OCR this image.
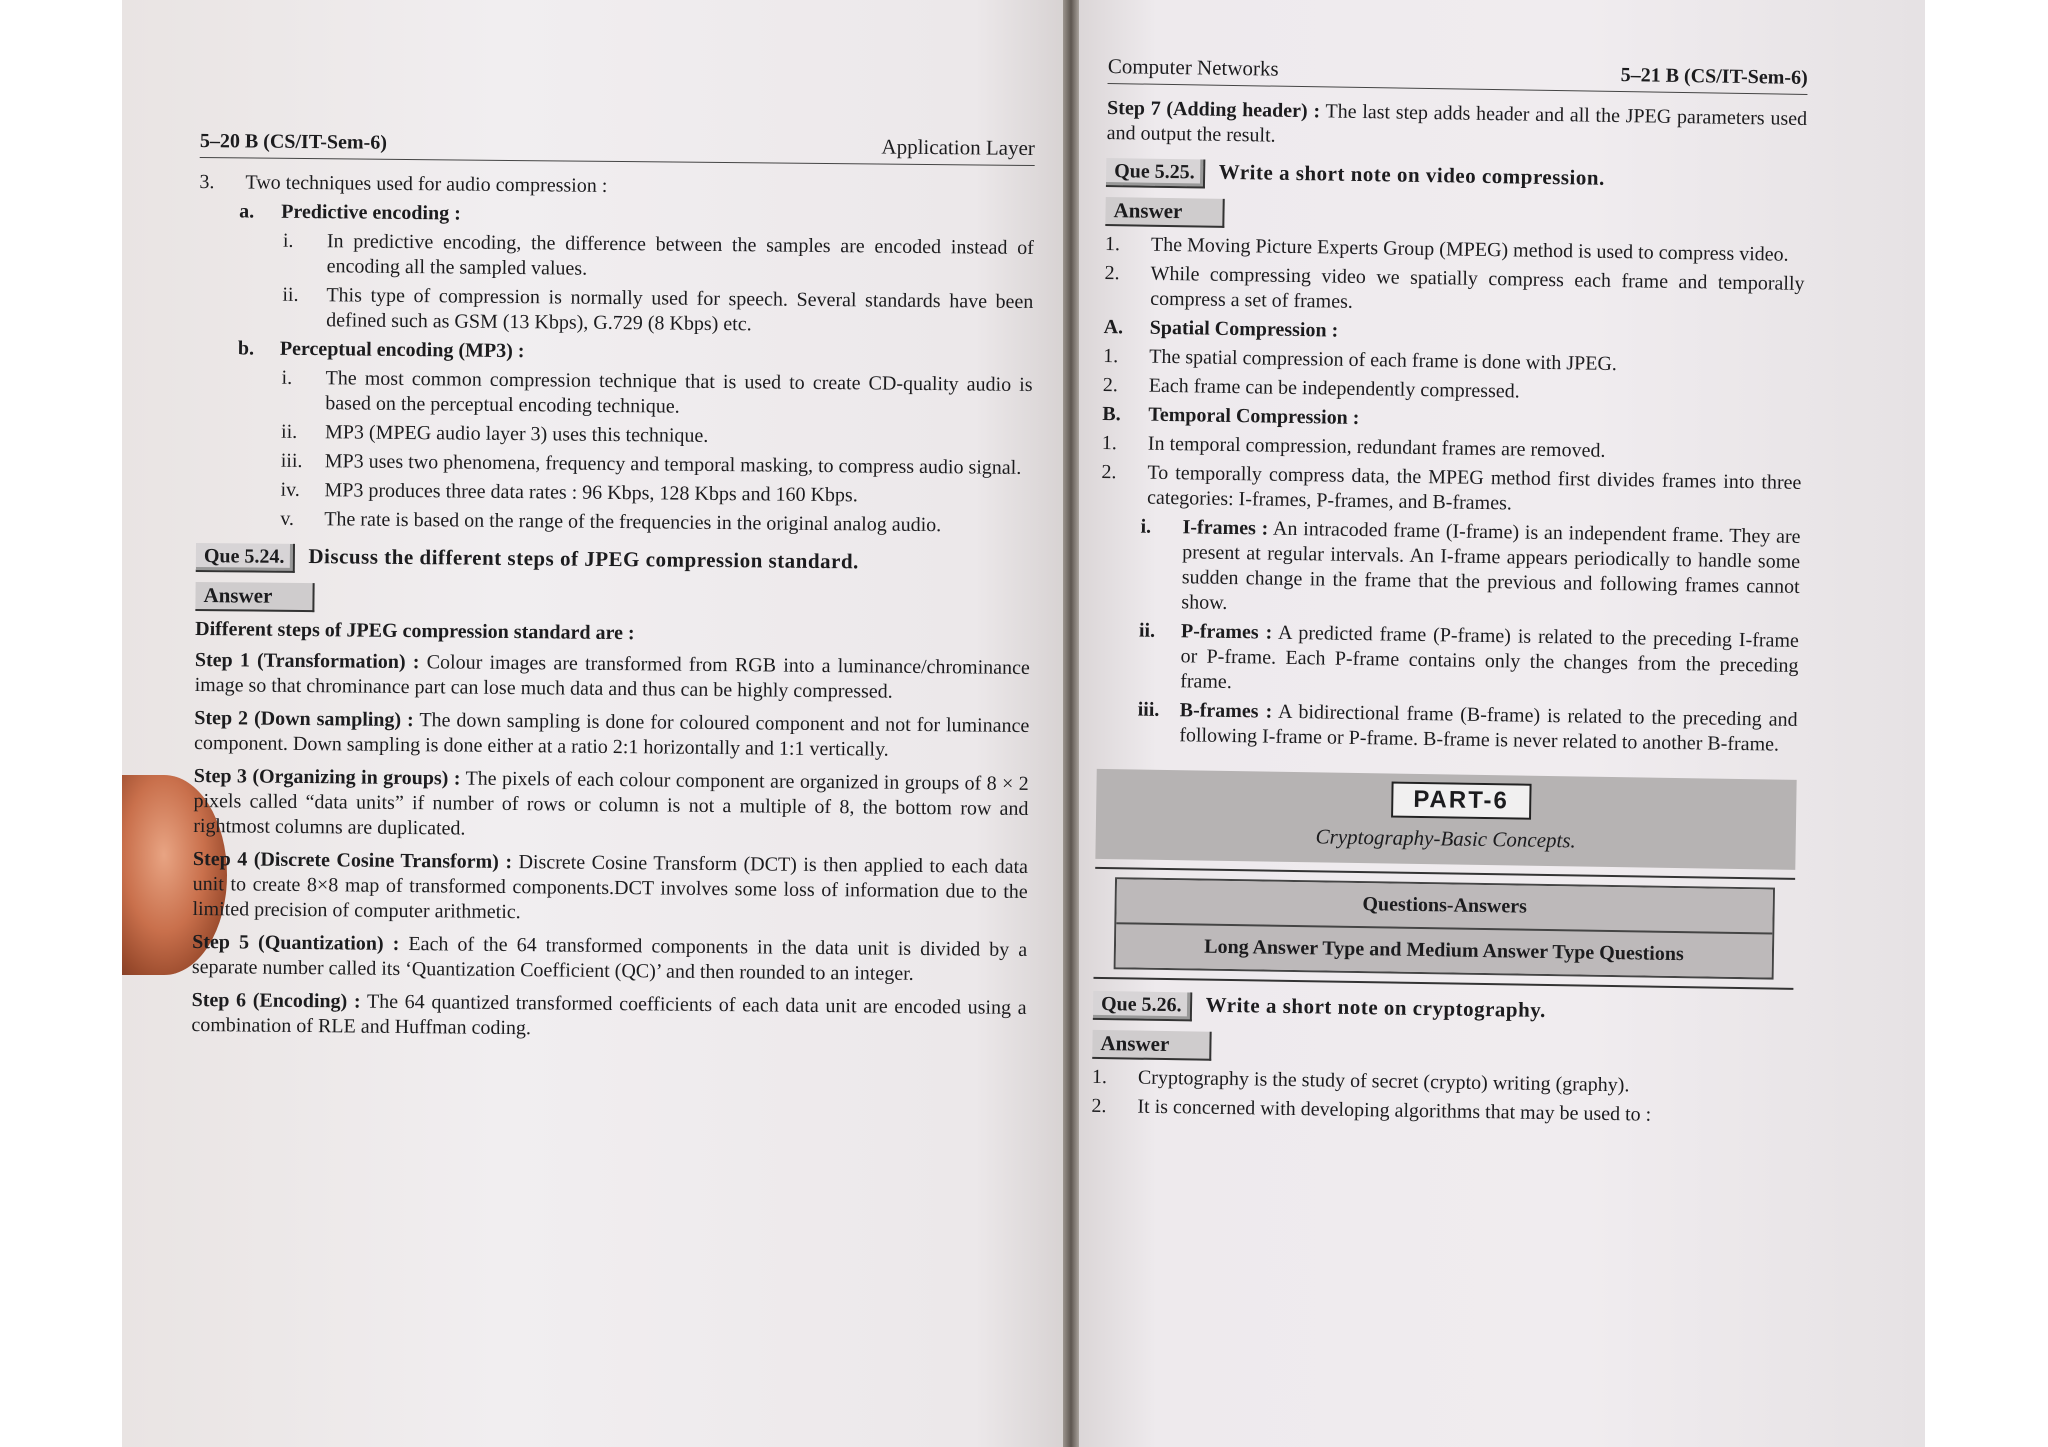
5–20 B (CS/IT-Sem-6)	Application Layer
3.	Two techniques used for audio compression :
a.	Predictive encoding :
i.	In predictive encoding, the difference between the samples are encoded instead of encoding all the sampled values.
ii.	This type of compression is normally used for speech. Several standards have been defined such as GSM (13 Kbps), G.729 (8 Kbps) etc.
b.	Perceptual encoding (MP3) :
i.	The most common compression technique that is used to create CD-quality audio is based on the perceptual encoding technique.
ii.	MP3 (MPEG audio layer 3) uses this technique.
iii.	MP3 uses two phenomena, frequency and temporal masking, to compress audio signal.
iv.	MP3 produces three data rates : 96 Kbps, 128 Kbps and 160 Kbps.
v.	The rate is based on the range of the frequencies in the original analog audio.
Que 5.24.	Discuss the different steps of JPEG compression standard.
Answer

Different steps of JPEG compression standard are :

Step 1 (Transformation) : Colour images are transformed from RGB into a luminance/chrominance image so that chrominance part can lose much data and thus can be highly compressed.

Step 2 (Down sampling) : The down sampling is done for coloured component and not for luminance component. Down sampling is done either at a ratio 2:1 horizontally and 1:1 vertically.

Step 3 (Organizing in groups) : The pixels of each colour component are organized in groups of 8 × 2 pixels called “data units” if number of rows or column is not a multiple of 8, the bottom row and rightmost columns are duplicated.

Step 4 (Discrete Cosine Transform) : Discrete Cosine Transform (DCT) is then applied to each data unit to create 8×8 map of transformed components.DCT involves some loss of information due to the limited precision of computer arithmetic.

Step 5 (Quantization) : Each of the 64 transformed components in the data unit is divided by a separate number called its ‘Quantization Coefficient (QC)’ and then rounded to an integer.

Step 6 (Encoding) : The 64 quantized transformed coefficients of each data unit are encoded using a combination of RLE and Huffman coding.

Computer Networks	5–21 B (CS/IT-Sem-6)

Step 7 (Adding header) : The last step adds header and all the JPEG parameters used and output the result.

Que 5.25.	Write a short note on video compression.
Answer
1.	The Moving Picture Experts Group (MPEG) method is used to compress video.
2.	While compressing video we spatially compress each frame and temporally compress a set of frames.
A.	Spatial Compression :
1.	The spatial compression of each frame is done with JPEG.
2.	Each frame can be independently compressed.
B.	Temporal Compression :
1.	In temporal compression, redundant frames are removed.
2.	To temporally compress data, the MPEG method first divides frames into three categories: I-frames, P-frames, and B-frames.
i.	I-frames : An intracoded frame (I-frame) is an independent frame. They are present at regular intervals. An I-frame appears periodically to handle some sudden change in the frame that the previous and following frames cannot show.
ii.	P-frames : A predicted frame (P-frame) is related to the preceding I-frame or P-frame. Each P-frame contains only the changes from the preceding frame.
iii. B-frames : A bidirectional frame (B-frame) is related to the preceding and following I-frame or P-frame. B-frame is never related to another B-frame.
PART-6
Cryptography-Basic Concepts.
Questions-Answers
Long Answer Type and Medium Answer Type Questions
Que 5.26.	Write a short note on cryptography.
Answer
1.	Cryptography is the study of secret (crypto) writing (graphy).
2.	It is concerned with developing algorithms that may be used to :
